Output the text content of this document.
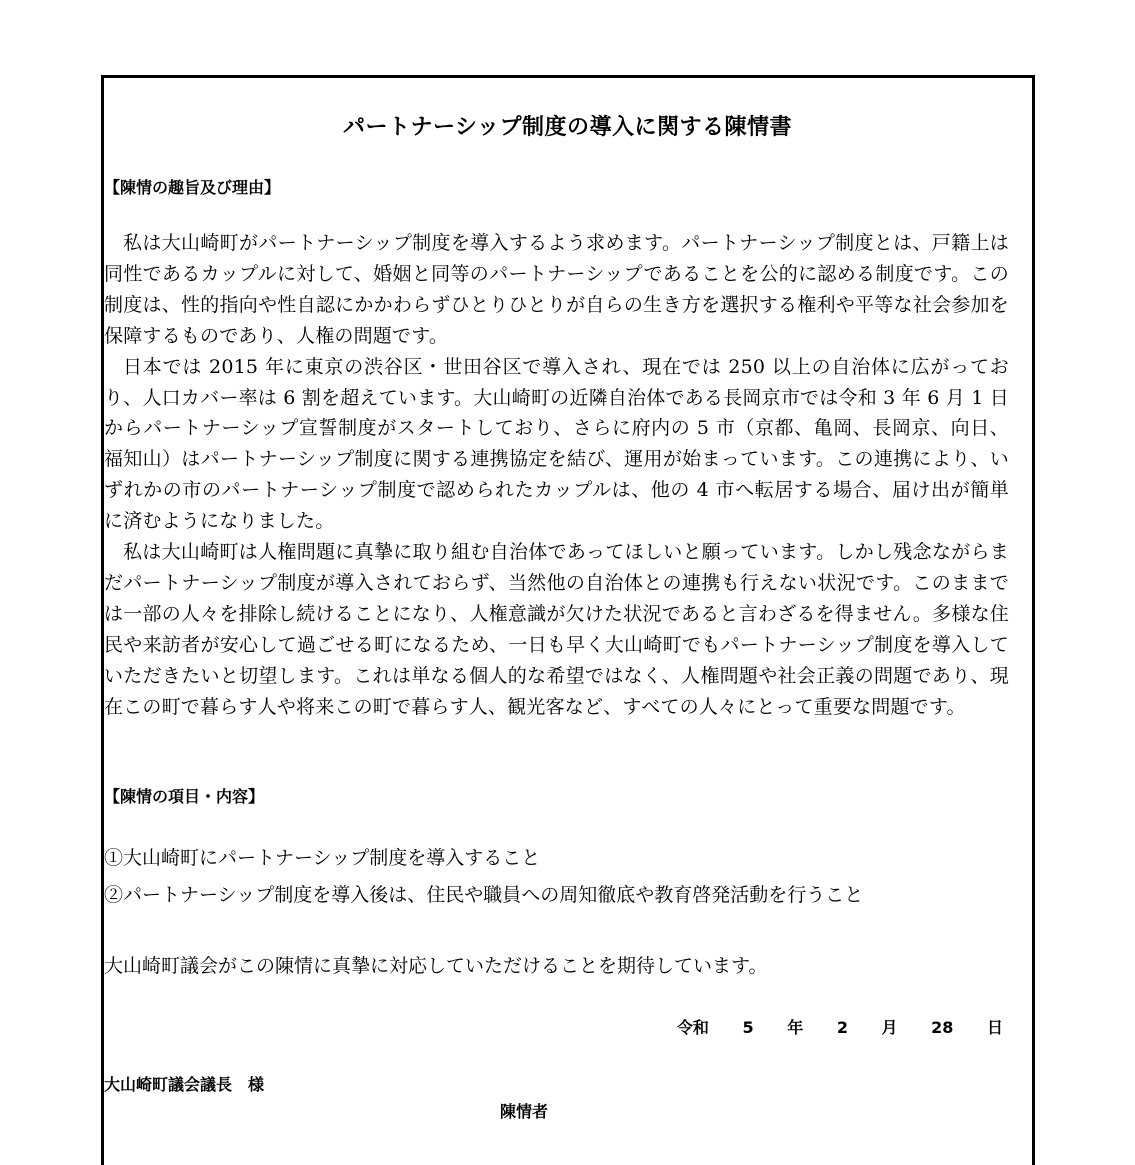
パートナーシップ制度の導入に関する陳情書
【陳情の趣旨及び理由】

私は大山崎町がパートナーシップ制度を導入するよう求めます。パートナーシップ制度とは、戸籍上は同性であるカップルに対して、婚姻と同等のパートナーシップであることを公的に認める制度です。この制度は、性的指向や性自認にかかわらずひとりひとりが自らの生き方を選択する権利や平等な社会参加を保障するものであり、人権の問題です。

日本では 2015 年に東京の渋谷区・世田谷区で導入され、現在では 250 以上の自治体に広がっており、人口カバー率は 6 割を超えています。大山崎町の近隣自治体である長岡京市では令和 3 年 6 月 1 日からパートナーシップ宣誓制度がスタートしており、さらに府内の 5 市（京都、亀岡、長岡京、向日、福知山）はパートナーシップ制度に関する連携協定を結び、運用が始まっています。この連携により、いずれかの市のパートナーシップ制度で認められたカップルは、他の 4 市へ転居する場合、届け出が簡単に済むようになりました。

私は大山崎町は人権問題に真摯に取り組む自治体であってほしいと願っています。しかし残念ながらまだパートナーシップ制度が導入されておらず、当然他の自治体との連携も行えない状況です。このままでは一部の人々を排除し続けることになり、人権意識が欠けた状況であると言わざるを得ません。多様な住民や来訪者が安心して過ごせる町になるため、一日も早く大山崎町でもパートナーシップ制度を導入していただきたいと切望します。これは単なる個人的な希望ではなく、人権問題や社会正義の問題であり、現在この町で暮らす人や将来この町で暮らす人、観光客など、すべての人々にとって重要な問題です。

【陳情の項目・内容】
①大山崎町にパートナーシップ制度を導入すること
②パートナーシップ制度を導入後は、住民や職員への周知徹底や教育啓発活動を行うこと
大山崎町議会がこの陳情に真摯に対応していただけることを期待しています。
令和 5 年 2 月 28 日
大山崎町議会議長　様
陳情者
